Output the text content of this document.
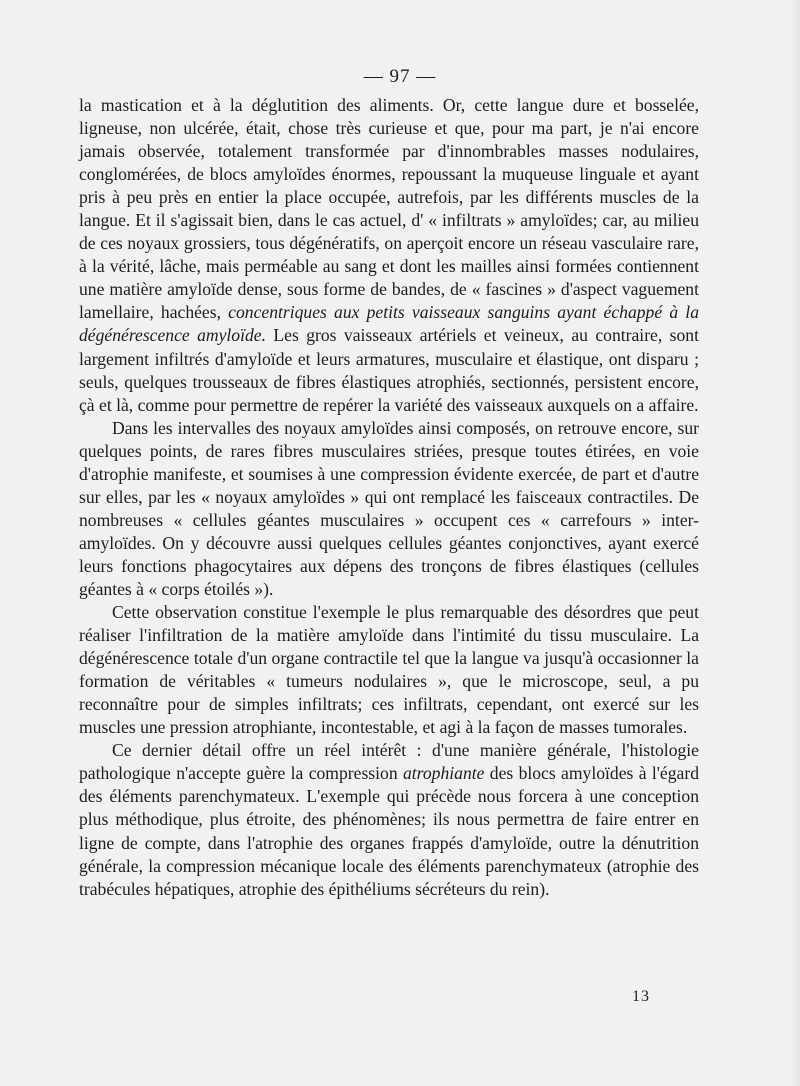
— 97 —

la mastication et à la déglutition des aliments. Or, cette langue dure et bosselée, ligneuse, non ulcérée, était, chose très curieuse et que, pour ma part, je n'ai encore jamais observée, totalement transformée par d'innombrables masses nodulaires, conglomérées, de blocs amyloïdes énormes, repoussant la muqueuse linguale et ayant pris à peu près en entier la place occupée, autrefois, par les différents muscles de la langue. Et il s'agissait bien, dans le cas actuel, d' « infiltrats » amyloïdes; car, au milieu de ces noyaux grossiers, tous dégénératifs, on aperçoit encore un réseau vasculaire rare, à la vérité, lâche, mais perméable au sang et dont les mailles ainsi formées contiennent une matière amyloïde dense, sous forme de bandes, de « fascines » d'aspect vaguement lamellaire, hachées, concentriques aux petits vaisseaux sanguins ayant échappé à la dégénérescence amyloïde. Les gros vaisseaux artériels et veineux, au contraire, sont largement infiltrés d'amyloïde et leurs armatures, musculaire et élastique, ont disparu ; seuls, quelques trousseaux de fibres élastiques atrophiés, sectionnés, persistent encore, çà et là, comme pour permettre de repérer la variété des vaisseaux auxquels on a affaire.

Dans les intervalles des noyaux amyloïdes ainsi composés, on retrouve encore, sur quelques points, de rares fibres musculaires striées, presque toutes étirées, en voie d'atrophie manifeste, et soumises à une compression évidente exercée, de part et d'autre sur elles, par les « noyaux amyloïdes » qui ont remplacé les faisceaux contractiles. De nombreuses « cellules géantes musculaires » occupent ces « carrefours » inter-amyloïdes. On y découvre aussi quelques cellules géantes conjonctives, ayant exercé leurs fonctions phagocytaires aux dépens des tronçons de fibres élastiques (cellules géantes à « corps étoilés »).

Cette observation constitue l'exemple le plus remarquable des désordres que peut réaliser l'infiltration de la matière amyloïde dans l'intimité du tissu musculaire. La dégénérescence totale d'un organe contractile tel que la langue va jusqu'à occasionner la formation de véritables « tumeurs nodulaires », que le microscope, seul, a pu reconnaître pour de simples infiltrats; ces infiltrats, cependant, ont exercé sur les muscles une pression atrophiante, incontestable, et agi à la façon de masses tumorales.

Ce dernier détail offre un réel intérêt : d'une manière générale, l'histologie pathologique n'accepte guère la compression atrophiante des blocs amyloïdes à l'égard des éléments parenchymateux. L'exemple qui précède nous forcera à une conception plus méthodique, plus étroite, des phénomènes; ils nous permettra de faire entrer en ligne de compte, dans l'atrophie des organes frappés d'amyloïde, outre la dénutrition générale, la compression mécanique locale des éléments parenchymateux (atrophie des trabécules hépatiques, atrophie des épithéliums sécréteurs du rein).

13
